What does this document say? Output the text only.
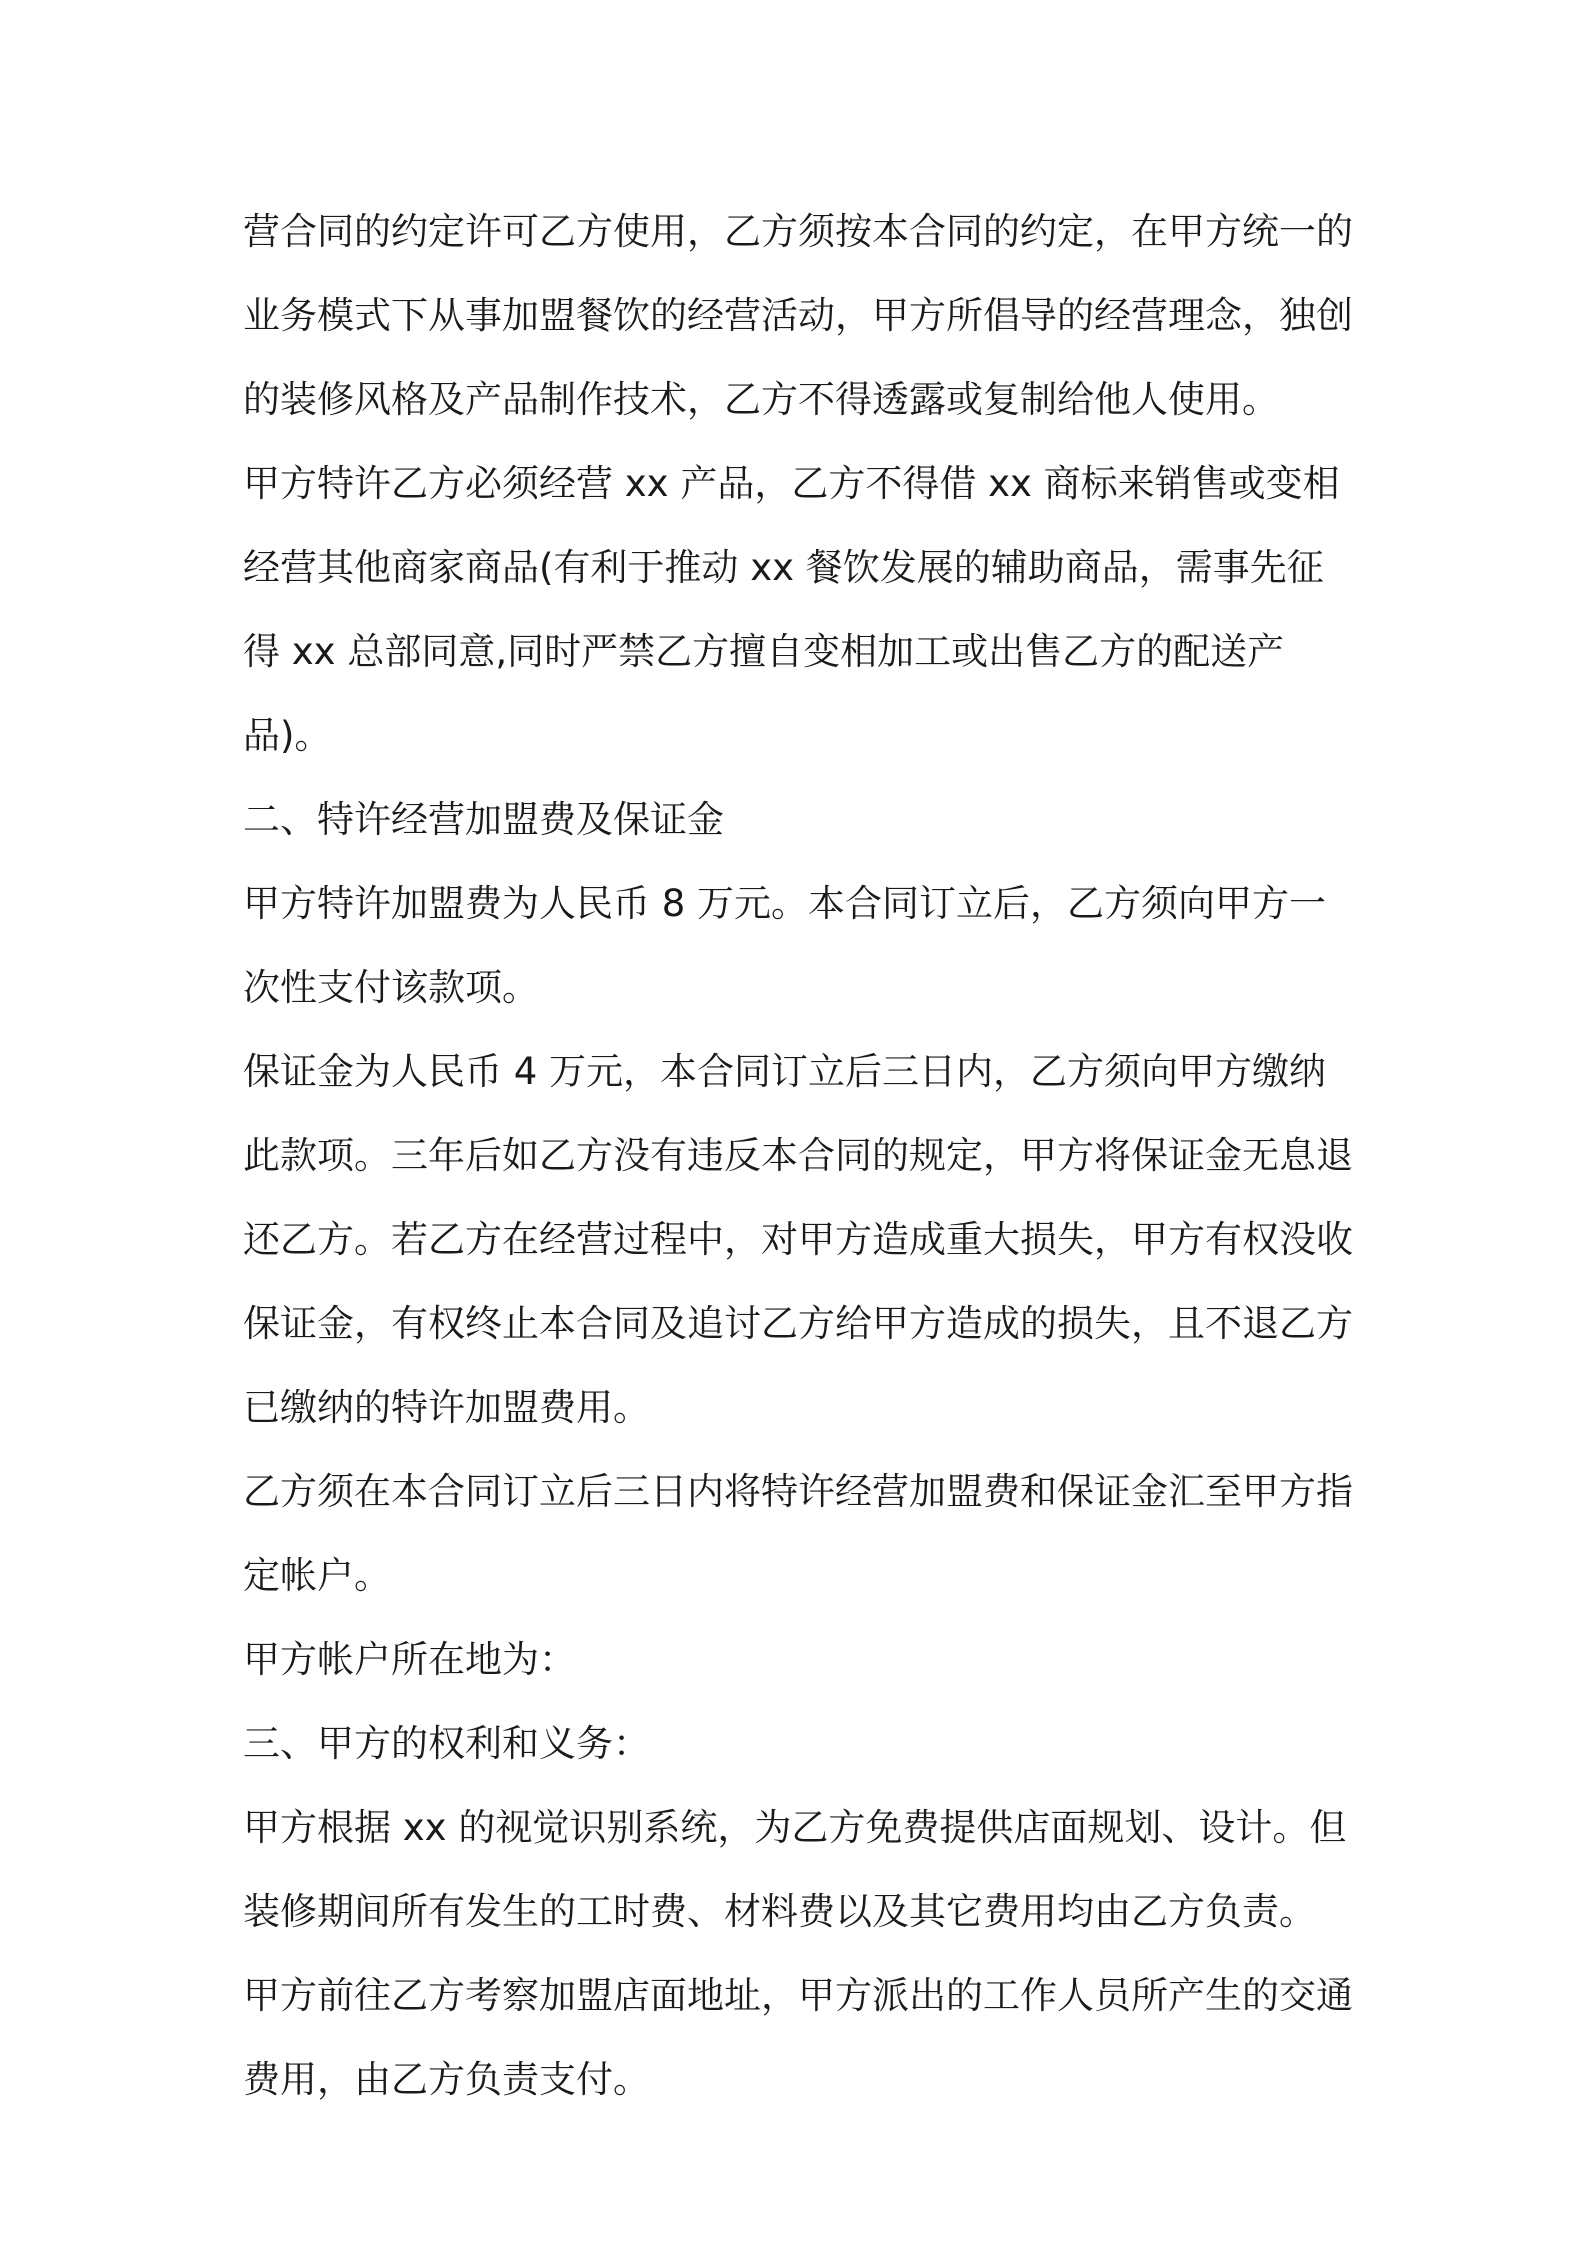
营合同的约定许可乙方使用，乙方须按本合同的约定，在甲方统一的业务模式下从事加盟餐饮的经营活动，甲方所倡导的经营理念，独创的装修风格及产品制作技术，乙方不得透露或复制给他人使用。

甲方特许乙方必须经营 xx 产品，乙方不得借 xx 商标来销售或变相经营其他商家商品(有利于推动 xx 餐饮发展的辅助商品，需事先征得 xx 总部同意,同时严禁乙方擅自变相加工或出售乙方的配送产品)。

二、特许经营加盟费及保证金

甲方特许加盟费为人民币 8 万元。本合同订立后，乙方须向甲方一次性支付该款项。

保证金为人民币 4 万元，本合同订立后三日内，乙方须向甲方缴纳此款项。三年后如乙方没有违反本合同的规定，甲方将保证金无息退还乙方。若乙方在经营过程中，对甲方造成重大损失，甲方有权没收保证金，有权终止本合同及追讨乙方给甲方造成的损失，且不退乙方已缴纳的特许加盟费用。

乙方须在本合同订立后三日内将特许经营加盟费和保证金汇至甲方指定帐户。

甲方帐户所在地为：

三、甲方的权利和义务：

甲方根据 xx 的视觉识别系统，为乙方免费提供店面规划、设计。但装修期间所有发生的工时费、材料费以及其它费用均由乙方负责。

甲方前往乙方考察加盟店面地址，甲方派出的工作人员所产生的交通费用，由乙方负责支付。
